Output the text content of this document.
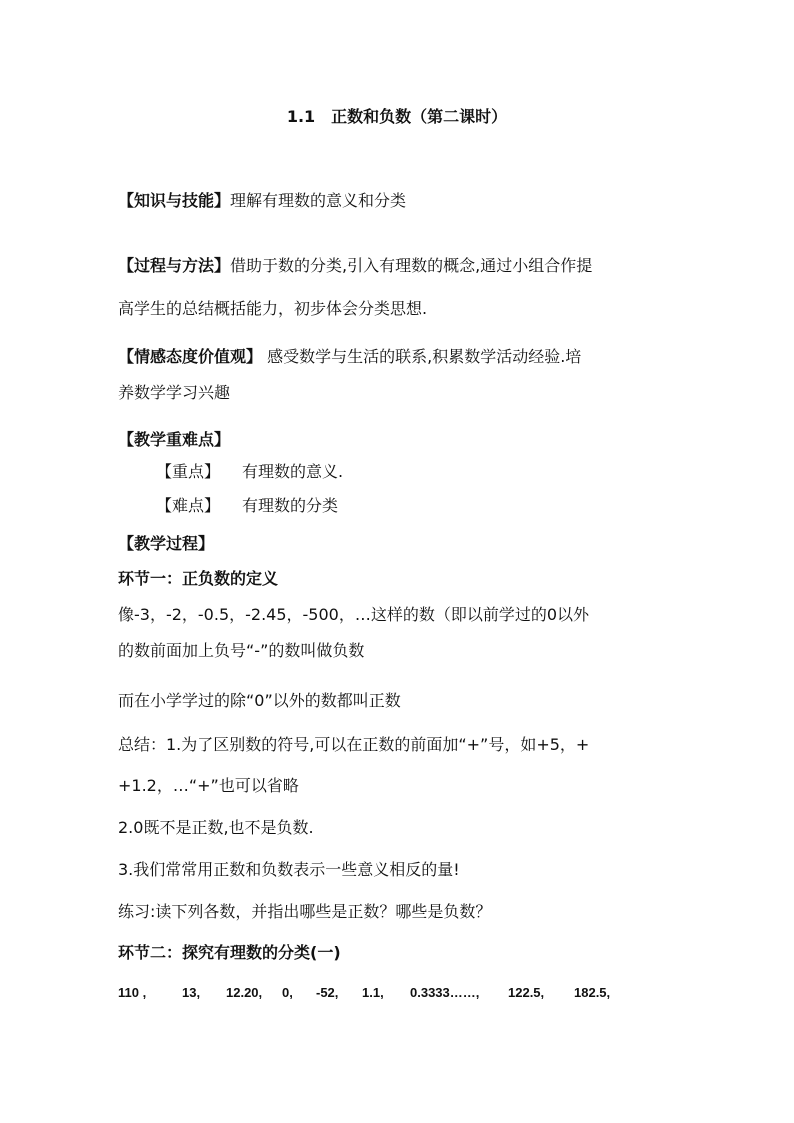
1.1　正数和负数（第二课时）
【知识与技能】理解有理数的意义和分类
【过程与方法】借助于数的分类,引入有理数的概念,通过小组合作提
高学生的总结概括能力，初步体会分类思想.
【情感态度价值观】 感受数学与生活的联系,积累数学活动经验.培
养数学学习兴趣
【教学重难点】
【重点】 有理数的意义.
【难点】 有理数的分类
【教学过程】
环节一：正负数的定义
像-3，-2，-0.5，-2.45，-500，…这样的数（即以前学过的0以外
的数前面加上负号“-”的数叫做负数
而在小学学过的除“0”以外的数都叫正数
总结：1.为了区别数的符号,可以在正数的前面加“+”号，如+5，+
+1.2，…“+”也可以省略
2.0既不是正数,也不是负数.
3.我们常常用正数和负数表示一些意义相反的量!
练习:读下列各数，并指出哪些是正数？哪些是负数？
环节二：探究有理数的分类(一)
110 ,	13, 12.20, 0, -52, 1.1, 0.3333……, 122.5, 182.5,
